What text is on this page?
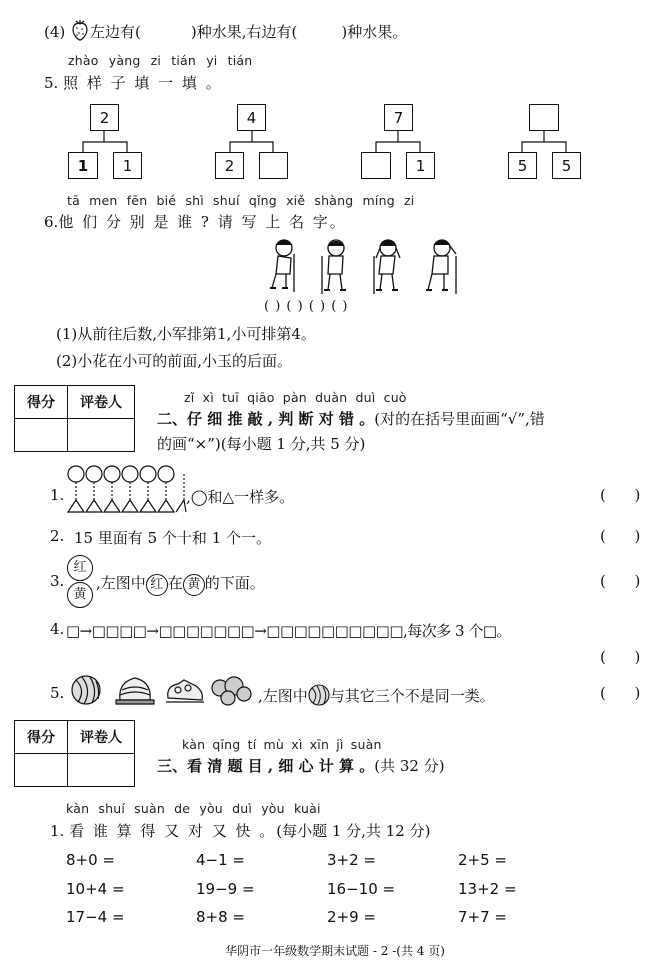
(4) 左边有(	)种水果,右边有(	)种水果。
zhào yàng zi tián yi tián
5. 照 样 子 填 一 填 。
2
1	1
4
2
7
1	5	5
tā men fēn bié shì shuí qǐng xiě shàng míng zi
6.他 们 分 别 是 谁 ? 请 写 上 名 字。
( ) ( ) ( ) ( )
(1)从前往后数,小军排第1,小可排第4。
(2)小花在小可的前面,小玉的后面。
得分	评卷人
		zǐ xì tuī qiāo pàn duàn duì cuò
二、仔 细 推 敲 , 判 断 对 错 。(对的在括号里面画“√”,错
的画“×”)(每小题 1 分,共 5 分)
1.	,◯和△一样多。	(      )
2. 15 里面有 5 个十和 1 个一。	(      )
3.
红
黄
,左图中 红 在 黄 的下面。	(      )
4. □→□□□□→□□□□□□□→□□□□□□□□□□,每次多 3 个□。
(      )
5.	,左图中 与其它三个不是同一类。	(      )
得分	评卷人
		kàn qīng tí mù xì xīn jì suàn
三、看 清 题 目 , 细 心 计 算 。(共 32 分)
kàn shuí suàn de yòu duì yòu kuài
1. 看 谁 算 得 又 对 又 快 。(每小题 1 分,共 12 分)
8+0 =	4−1 =	3+2 =	2+5 =
10+4 =	19−9 =	16−10 =	13+2 =
17−4 =	8+8 =	2+9 =	7+7 =
华阴市一年级数学期末试题 - 2 -(共 4 页)
